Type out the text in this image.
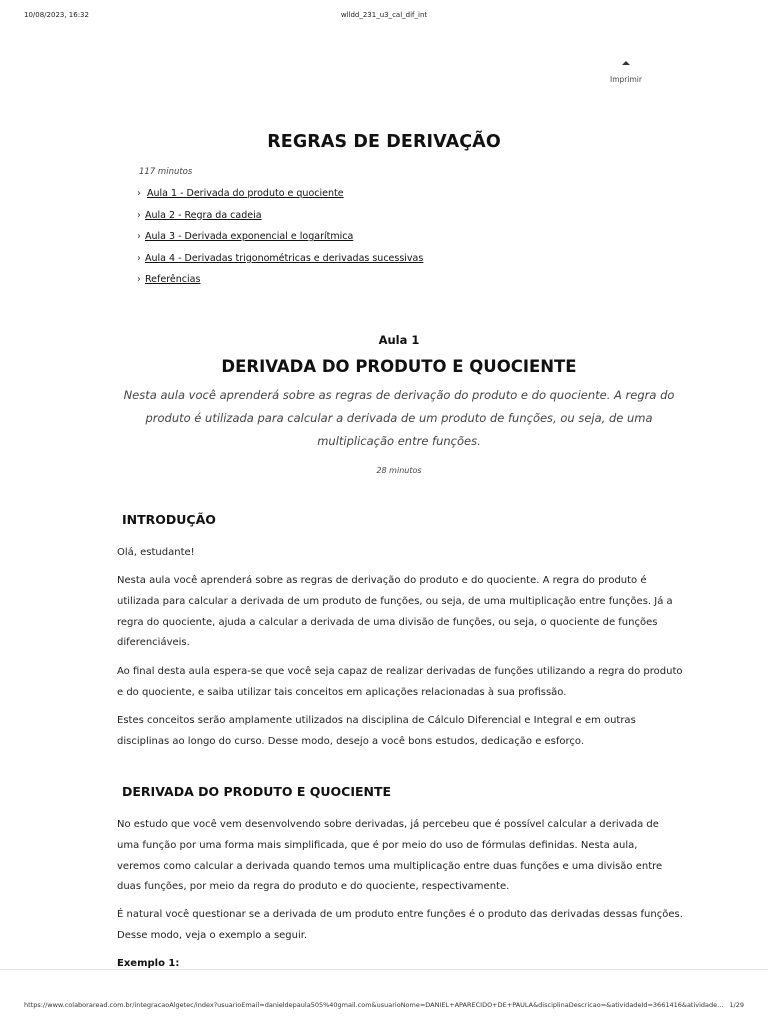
10/08/2023, 16:32	wlldd_231_u3_cal_dif_int
Imprimir
REGRAS DE DERIVAÇÃO
117 minutos
› Aula 1 - Derivada do produto e quociente
› Aula 2 - Regra da cadeia
› Aula 3 - Derivada exponencial e logarítmica
› Aula 4 - Derivadas trigonométricas e derivadas sucessivas
› Referências
Aula 1
DERIVADA DO PRODUTO E QUOCIENTE
Nesta aula você aprenderá sobre as regras de derivação do produto e do quociente. A regra do produto é utilizada para calcular a derivada de um produto de funções, ou seja, de uma multiplicação entre funções.
28 minutos
INTRODUÇÃO

Olá, estudante!

Nesta aula você aprenderá sobre as regras de derivação do produto e do quociente. A regra do produto é utilizada para calcular a derivada de um produto de funções, ou seja, de uma multiplicação entre funções. Já a regra do quociente, ajuda a calcular a derivada de uma divisão de funções, ou seja, o quociente de funções diferenciáveis.

Ao final desta aula espera-se que você seja capaz de realizar derivadas de funções utilizando a regra do produto e do quociente, e saiba utilizar tais conceitos em aplicações relacionadas à sua profissão.

Estes conceitos serão amplamente utilizados na disciplina de Cálculo Diferencial e Integral e em outras disciplinas ao longo do curso. Desse modo, desejo a você bons estudos, dedicação e esforço.

DERIVADA DO PRODUTO E QUOCIENTE

No estudo que você vem desenvolvendo sobre derivadas, já percebeu que é possível calcular a derivada de uma função por uma forma mais simplificada, que é por meio do uso de fórmulas definidas. Nesta aula, veremos como calcular a derivada quando temos uma multiplicação entre duas funções e uma divisão entre duas funções, por meio da regra do produto e do quociente, respectivamente.

É natural você questionar se a derivada de um produto entre funções é o produto das derivadas dessas funções. Desse modo, veja o exemplo a seguir.

Exemplo 1:
https://www.colaboraread.com.br/integracaoAlgetec/index?usuarioEmail=danieldepaula505%40gmail.com&usuarioNome=DANIEL+APARECIDO+DE+PAULA&disciplinaDescricao=&atividadeId=3661416&atividade... 1/29
